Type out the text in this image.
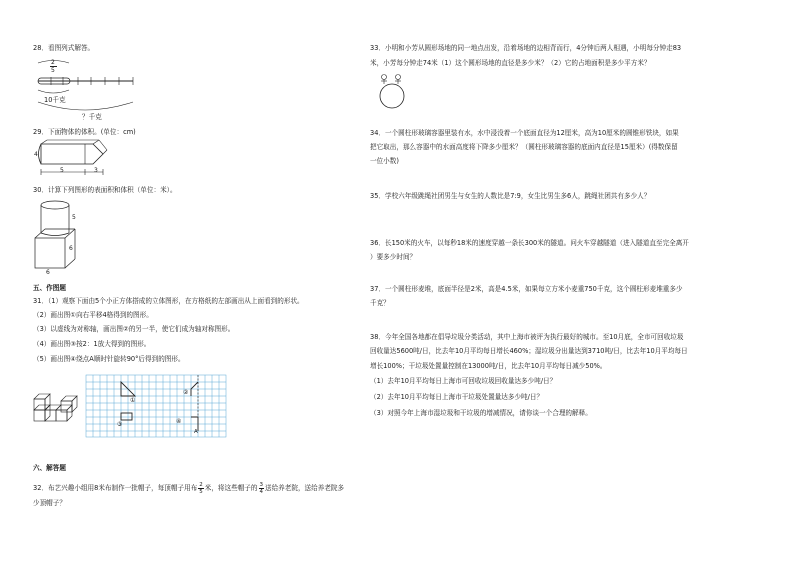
28．看图列式解答。
2
5
10千克
？千克
29．下面物体的体积。(单位：cm)
4
5	3
30．计算下列图形的表面积和体积（单位：米）。
5
6
6
五、作图题
31．（1）观察下面由5个小正方体搭成的立体图形，在方格纸的左部画出从上面看到的形状。
（2）画出图①向右平移4格得到的图形。
（3）以虚线为对称轴，画出图②的另一半，使它们成为轴对称图形。
（4）画出图③按2：1放大得到的图形。
（5）画出图④绕点A顺时针旋转90°后得到的图形。
①
②
③	④
A
六、解答题
32．布艺兴趣小组用8米布制作一批帽子，每顶帽子用布 $\frac{2}{5}$ 米，将这些帽子的 $\frac{3}{4}$ 送给养老院，送给养老院多
少顶帽子？
33．小明和小芳从圆形场地的同一地点出发，沿着场地的边相背而行，4分钟后两人相遇，小明每分钟走83
米，小芳每分钟走74米（1）这个圆形场地的直径是多少米？（2）它的占地面积是多少平方米？
34．一个圆柱形玻璃容器里装有水，水中浸没着一个底面直径为12厘米，高为10厘米的圆锥形铁块，如果
把它取出，那么容器中的水面高度将下降多少厘米？（圆柱形玻璃容器的底面内直径是15厘米）(得数保留
一位小数)
35．学校六年级跳绳社团男生与女生的人数比是7:9，女生比男生多6人，跳绳社团共有多少人？
36．长150米的火车，以每秒18米的速度穿越一条长300米的隧道。问火车穿越隧道（进入隧道直至完全离开
）要多少时间？
37．一个圆柱形麦堆，底面半径是2米，高是4.5米，如果每立方米小麦重750千克，这个圆柱形麦堆重多少
千克？
38．今年全国各地都在倡导垃圾分类活动，其中上海市被评为执行最好的城市。至10月底，全市可回收垃圾
回收量达5600吨/日，比去年10月平均每日增长460%；湿垃圾分出量达到3710吨/日，比去年10月平均每日
增长100%；干垃圾处置量控制在13000吨/日，比去年10月平均每日减少50%。
（1）去年10月平均每日上海市可回收垃圾回收量达多少吨/日？
（2）去年10月平均每日上海市干垃圾处置量达多少吨/日？
（3）对照今年上海市湿垃圾和干垃圾的增减情况，请你谈一个合理的解释。
